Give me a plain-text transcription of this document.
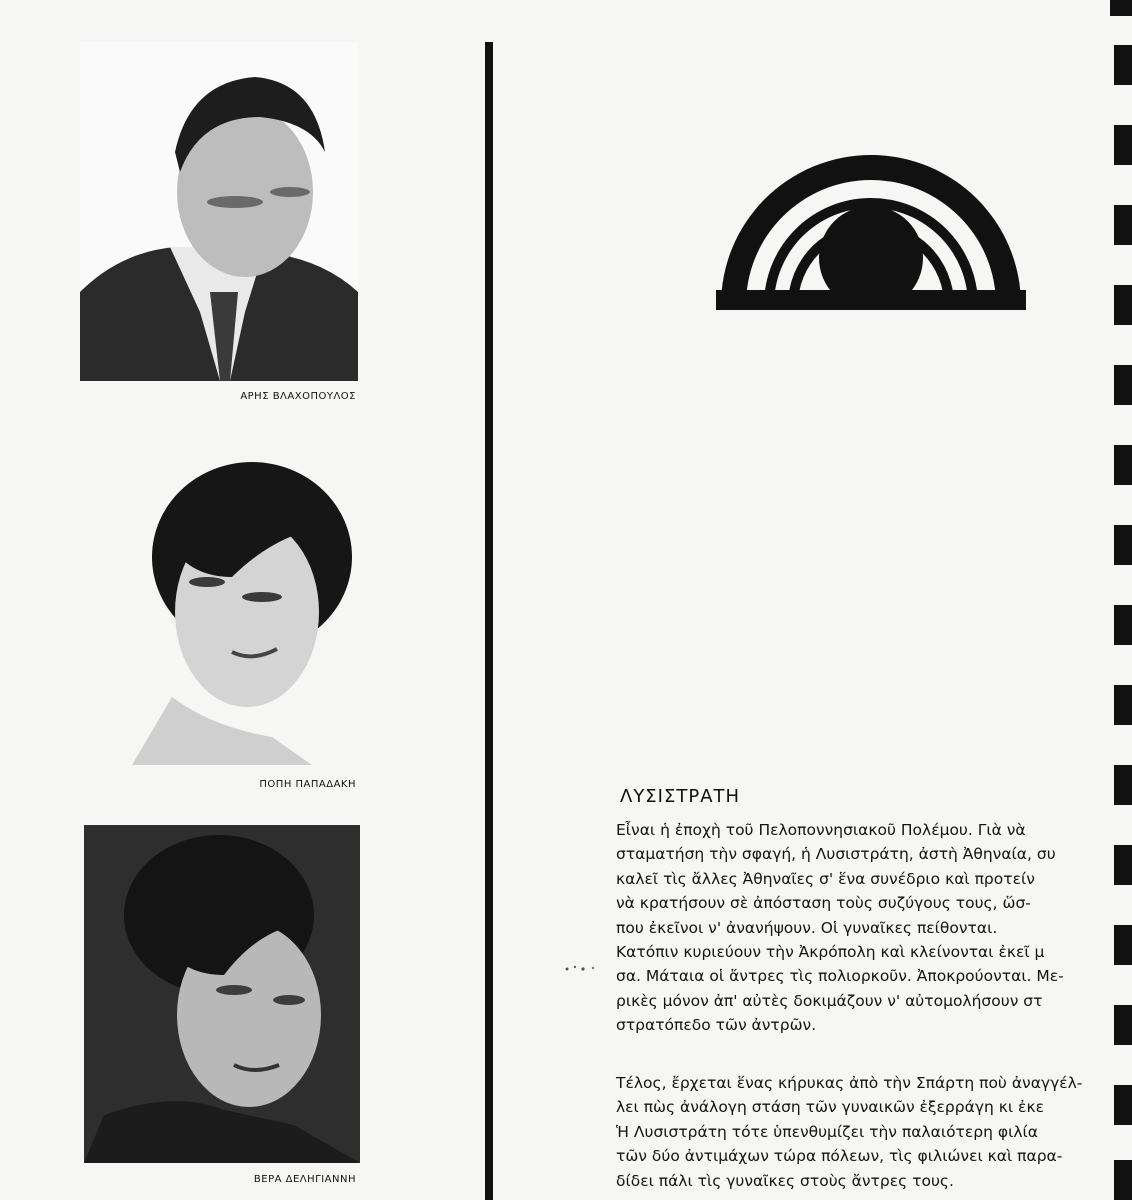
ΑΡΗΣ ΒΛΑΧΟΠΟΥΛΟΣ
ΠΟΠΗ ΠΑΠΑΔΑΚΗ
ΒΕΡΑ ΔΕΛΗΓΙΑΝΝΗ
ΛΥΣΙΣΤΡΑΤΗ
Εἶναι ἡ ἐποχὴ τοῦ Πελοποννησιακοῦ Πολέμου. Γιὰ νὰ
σταματήση τὴν σφαγή, ἡ Λυσιστράτη, ἀστὴ Ἀθηναία, συ
καλεῖ τὶς ἄλλες Ἀθηναῖες σ' ἕνα συνέδριο καὶ προτείν
νὰ κρατήσουν σὲ ἀπόσταση τοὺς συζύγους τους, ὥσ-
που ἐκεῖνοι ν' ἀνανήψουν. Οἱ γυναῖκες πείθονται.
Κατόπιν κυριεύουν τὴν Ἀκρόπολη καὶ κλείνονται ἐκεῖ μ
σα. Μάταια οἱ ἄντρες τὶς πολιορκοῦν. Ἀποκρούονται. Με-
ρικὲς μόνον ἀπ' αὐτὲς δοκιμάζουν ν' αὐτομολήσουν στ
στρατόπεδο τῶν ἀντρῶν.
Τέλος, ἔρχεται ἕνας κήρυκας ἀπὸ τὴν Σπάρτη ποὺ ἀναγγέλ-
λει πὼς ἀνάλογη στάση τῶν γυναικῶν ἐξερράγη κι ἐκε
Ἡ Λυσιστράτη τότε ὑπενθυμίζει τὴν παλαιότερη φιλία
τῶν δύο ἀντιμάχων τώρα πόλεων, τὶς φιλιώνει καὶ παρα-
δίδει πάλι τὶς γυναῖκες στοὺς ἄντρες τους.
